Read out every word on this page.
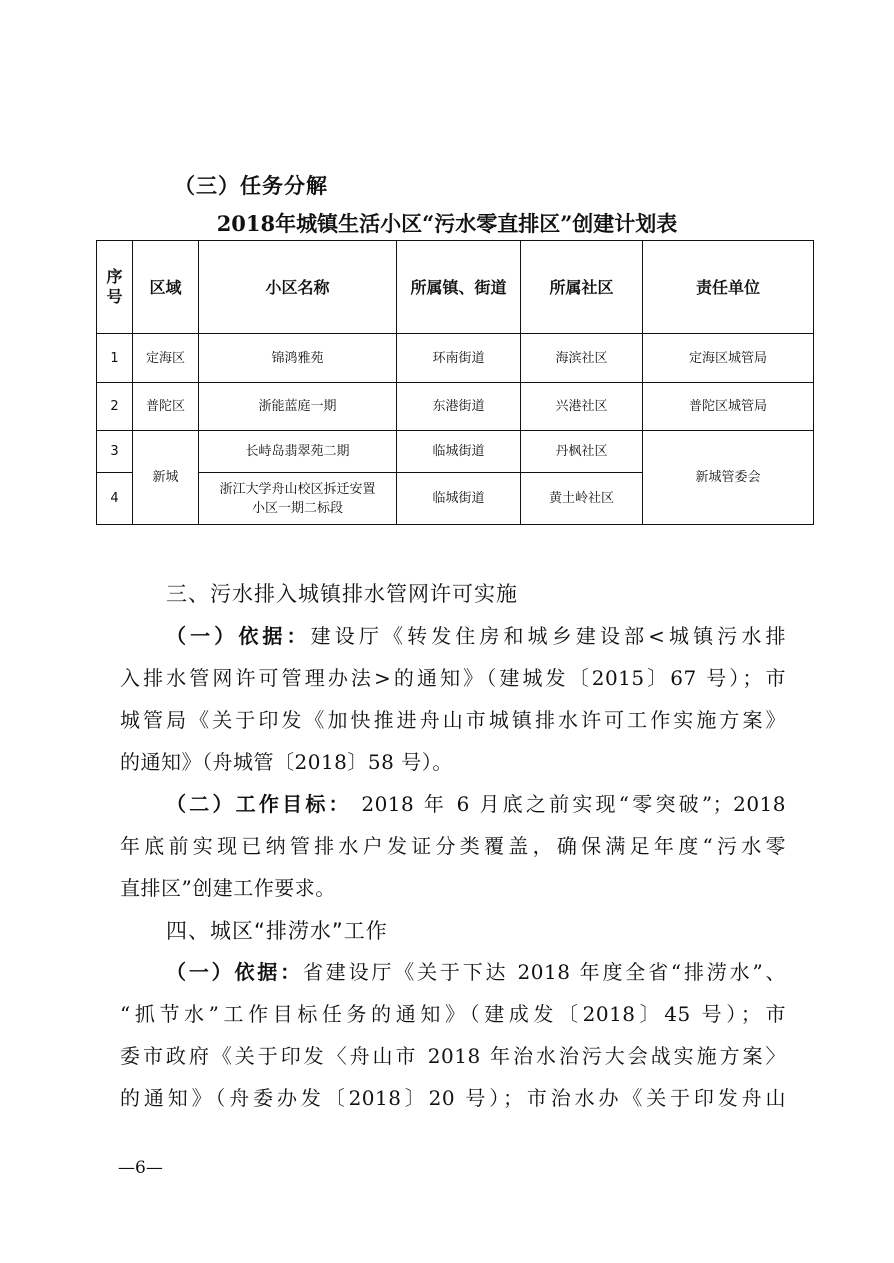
（三）任务分解
2018年城镇生活小区“污水零直排区”创建计划表
序号	区域	小区名称	所属镇、街道	所属社区	责任单位
1	定海区	锦鸿雅苑	环南街道	海滨社区	定海区城管局
2	普陀区	浙能蓝庭一期	东港街道	兴港社区	普陀区城管局
3	新城	长峙岛翡翠苑二期	临城街道	丹枫社区	新城管委会
4		浙江大学舟山校区拆迁安置
小区一期二标段	临城街道	黄土岭社区	
三、污水排入城镇排水管网许可实施
（一）依据：建设厅《转发住房和城乡建设部<城镇污水排
入排水管网许可管理办法>的通知》（建城发〔2015〕67 号）；市
城管局《关于印发《加快推进舟山市城镇排水许可工作实施方案》
的通知》（舟城管〔2018〕58 号）。
（二）工作目标： 2018 年 6 月底之前实现“零突破”；2018
年底前实现已纳管排水户发证分类覆盖，确保满足年度“污水零
直排区”创建工作要求。
四、城区“排涝水”工作
（一）依据：省建设厅《关于下达 2018 年度全省“排涝水”、
“抓节水”工作目标任务的通知》（建成发〔2018〕45 号）；市
委市政府《关于印发〈舟山市 2018 年治水治污大会战实施方案〉
的通知》（舟委办发〔2018〕20 号）；市治水办《关于印发舟山
—6—
